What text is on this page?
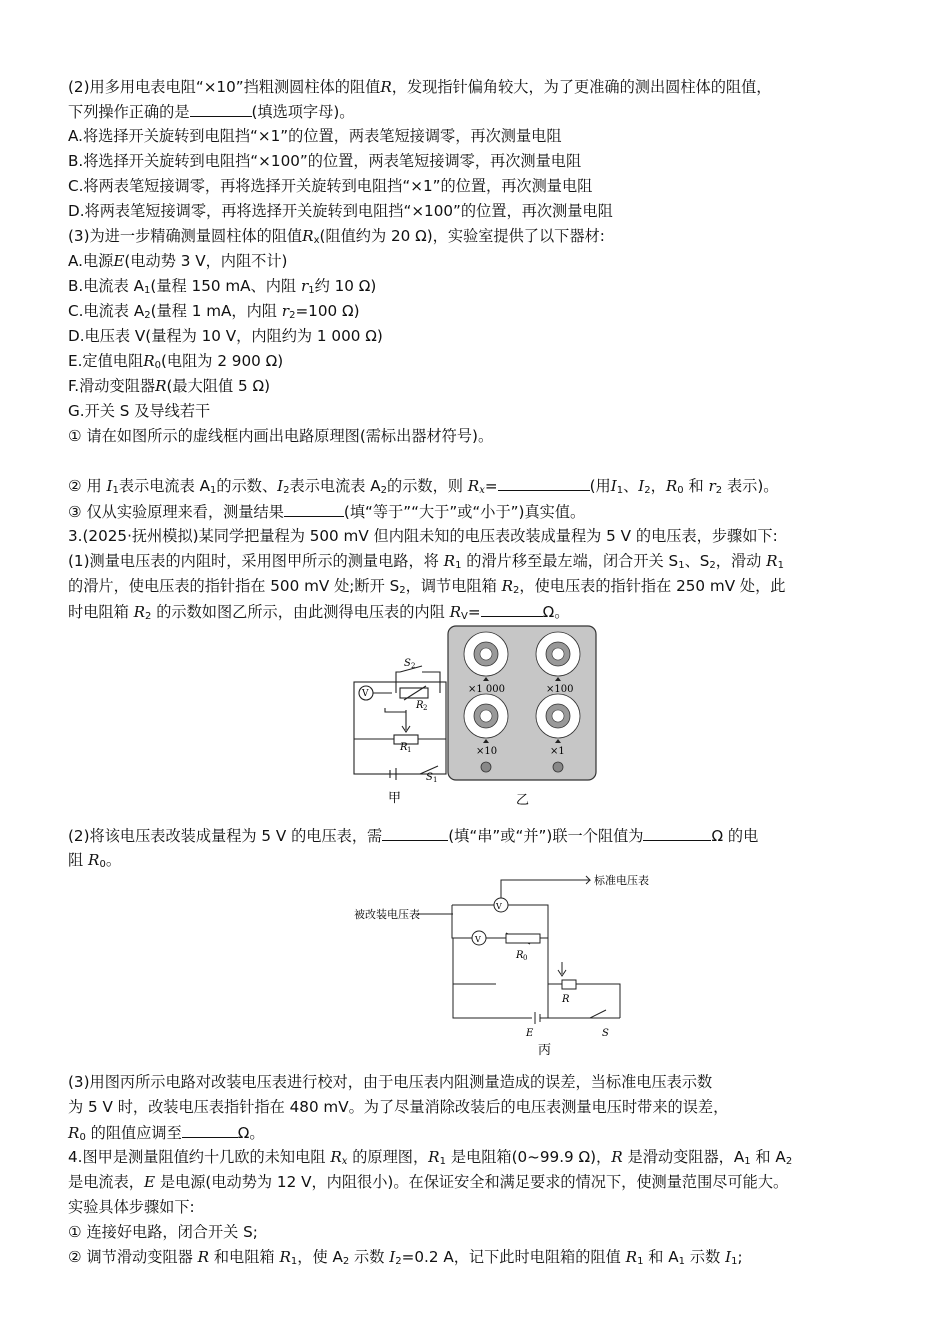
(2)用多用电表电阻“×10”挡粗测圆柱体的阻值R，发现指针偏角较大，为了更准确的测出圆柱体的阻值，
下列操作正确的是	(填选项字母)。
A.将选择开关旋转到电阻挡“×1”的位置，两表笔短接调零，再次测量电阻
B.将选择开关旋转到电阻挡“×100”的位置，两表笔短接调零，再次测量电阻
C.将两表笔短接调零，再将选择开关旋转到电阻挡“×1”的位置，再次测量电阻
D.将两表笔短接调零，再将选择开关旋转到电阻挡“×100”的位置，再次测量电阻
(3)为进一步精确测量圆柱体的阻值$R_x$(阻值约为 20 Ω)，实验室提供了以下器材:
A.电源E(电动势 3 V，内阻不计)
B.电流表 $A_1$(量程 150 mA、内阻 $r_1$约 10 Ω)
C.电流表 $A_2$(量程 1 mA，内阻 $r_2=100$ Ω)
D.电压表 V(量程为 10 V，内阻约为 1 000 Ω)
E.定值电阻$R_0$(电阻为 2 900 Ω)
F.滑动变阻器R(最大阻值 5 Ω)
G.开关 S 及导线若干
① 请在如图所示的虚线框内画出电路原理图(需标出器材符号)。
② 用 $I_1$表示电流表 $A_1$的示数、$I_2$表示电流表 $A_2$的示数，则 $R_x=$	(用$I_1$、$I_2$，$R_0$ 和 $r_2$ 表示)。
③ 仅从实验原理来看，测量结果	(填“等于”“大于”或“小于”)真实值。
3.(2025·抚州模拟)某同学把量程为 500 mV 但内阻未知的电压表改装成量程为 5 V 的电压表，步骤如下:
(1)测量电压表的内阻时，采用图甲所示的测量电路，将 $R_1$ 的滑片移至最左端，闭合开关 $S_1$、$S_2$，滑动 $R_1$
的滑片，使电压表的指针指在 500 mV 处;断开 $S_2$，调节电阻箱 $R_2$，使电压表的指针指在 250 mV 处，此
时电阻箱 $R_2$ 的示数如图乙所示，由此测得电压表的内阻 $R_V=$	Ω。
S 2
R 2
R 1
S 1
V
甲
×1 000	×100
×10	×1
乙
(2)将该电压表改装成量程为 5 V 的电压表，需	(填“串”或“并”)联一个阻值为	Ω 的电
阻 $R_0$。
V
V
R 0
R
E	S
标准电压表
被改装电压表
丙
(3)用图丙所示电路对改装电压表进行校对，由于电压表内阻测量造成的误差，当标准电压表示数
为 5 V 时，改装电压表指针指在 480 mV。为了尽量消除改装后的电压表测量电压时带来的误差，
$R_0$ 的阻值应调至	Ω。
4.图甲是测量阻值约十几欧的未知电阻 $R_x$ 的原理图，$R_1$ 是电阻箱(0~99.9 Ω)，R 是滑动变阻器，$A_1$ 和 $A_2$
是电流表，E 是电源(电动势为 12 V，内阻很小)。在保证安全和满足要求的情况下，使测量范围尽可能大。
实验具体步骤如下:
① 连接好电路，闭合开关 S;
② 调节滑动变阻器 R 和电阻箱 $R_1$，使 $A_2$ 示数 $I_2=0.2$ A，记下此时电阻箱的阻值 $R_1$ 和 $A_1$ 示数 $I_1$;
